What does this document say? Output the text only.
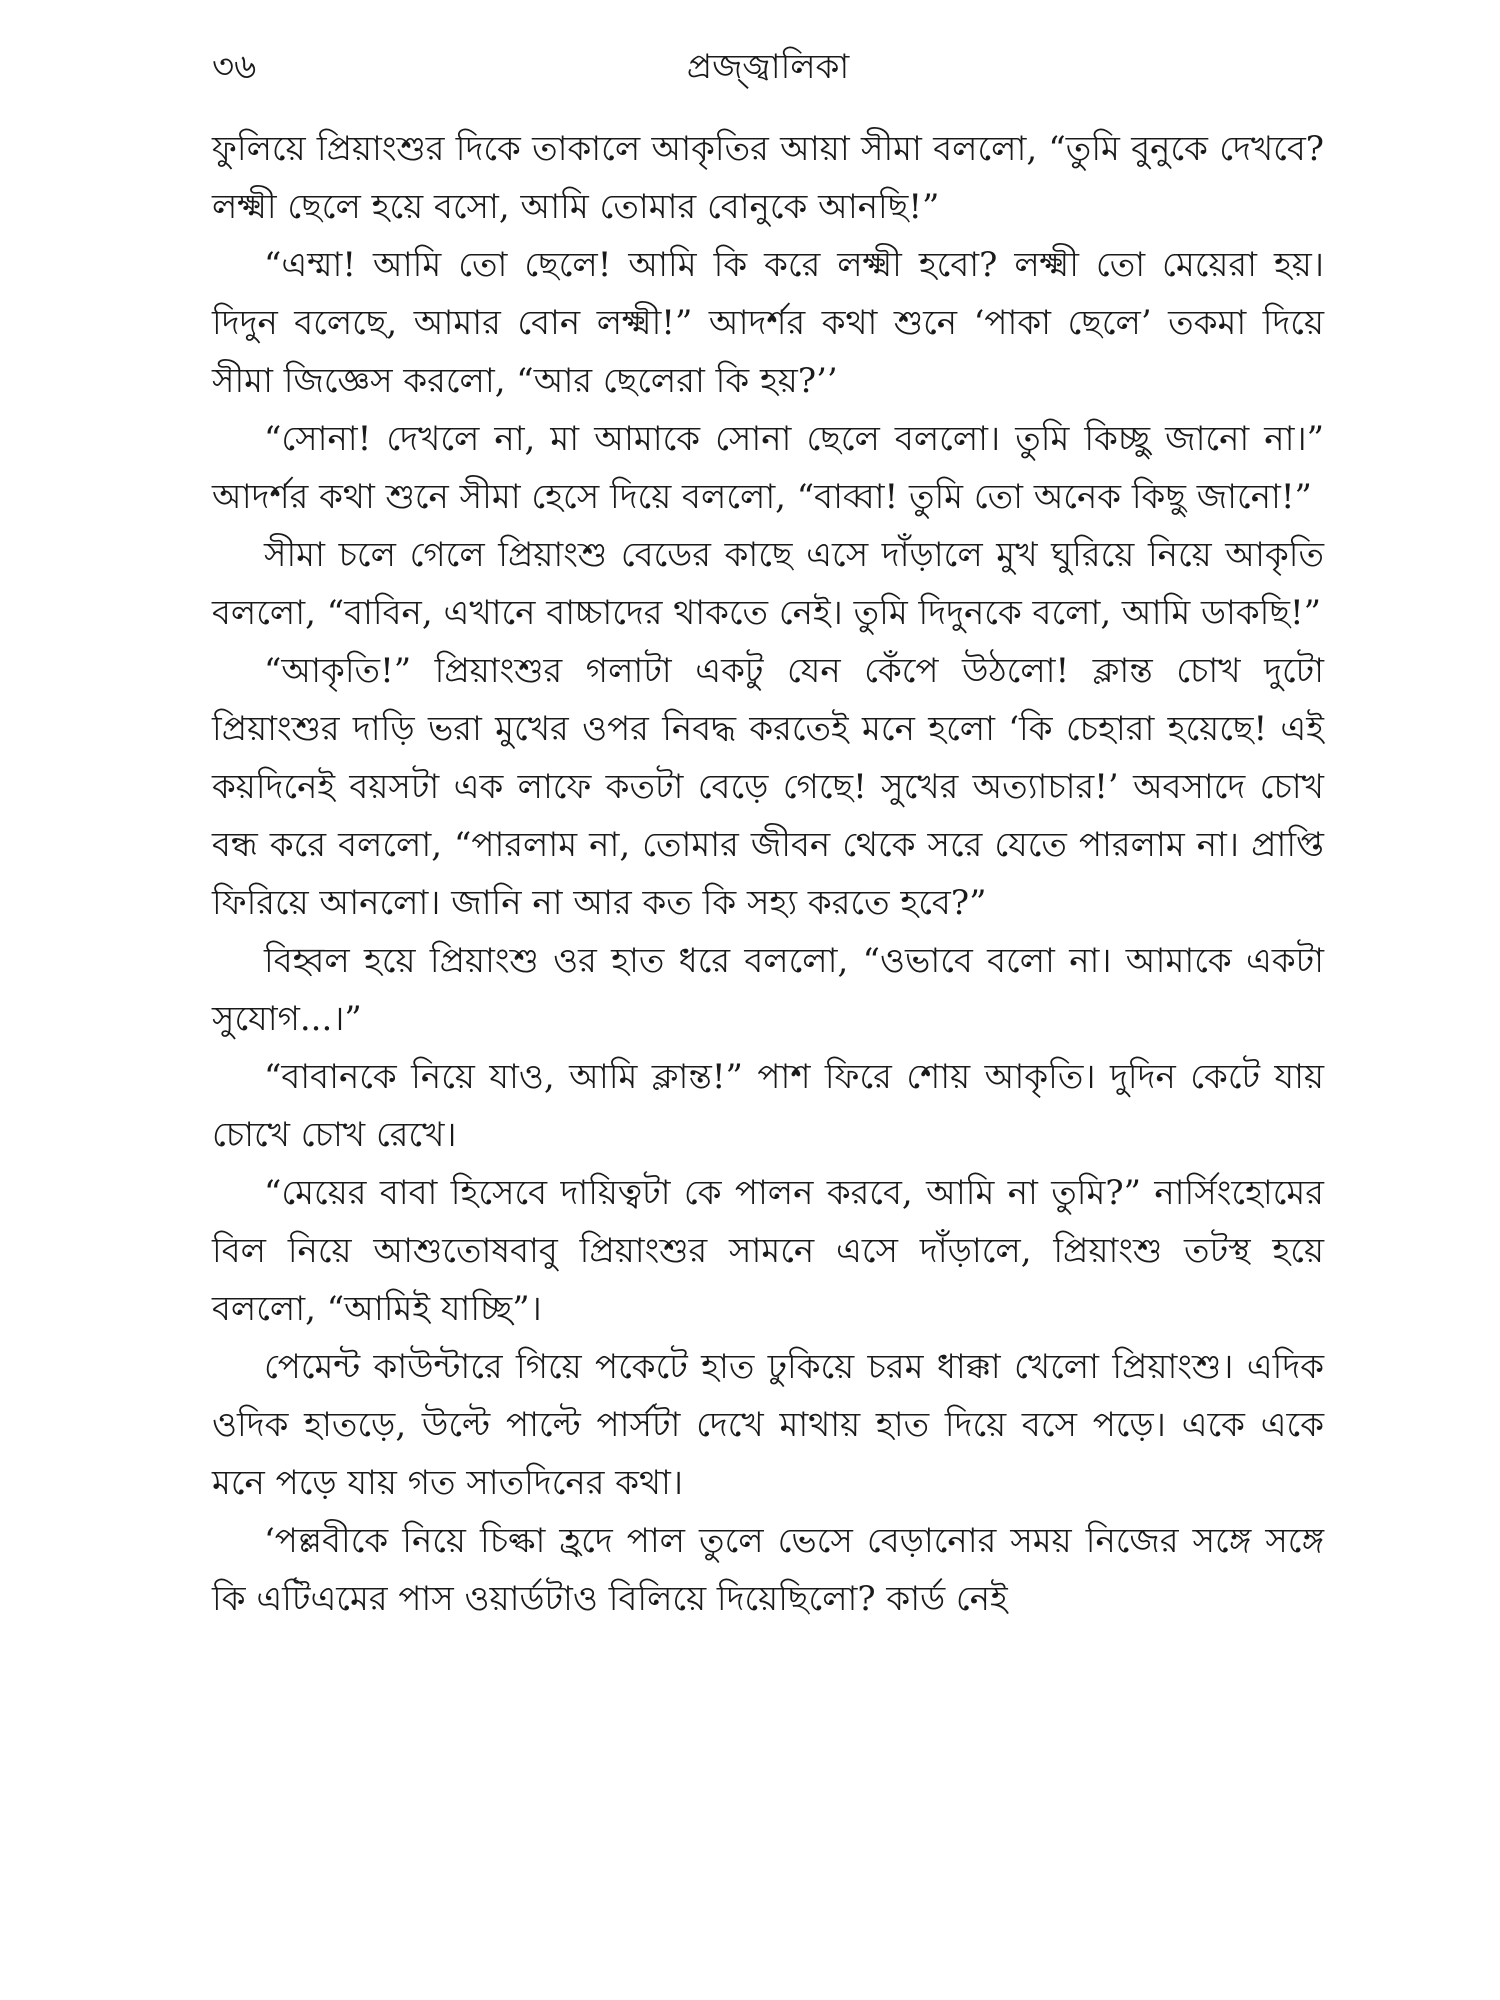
৩৬	প্রজ্জ্বালিকা

ফুলিয়ে প্রিয়াংশুর দিকে তাকালে আকৃতির আয়া সীমা বললো, “তুমি বুনুকে দেখবে? লক্ষ্মী ছেলে হয়ে বসো, আমি তোমার বোনুকে আনছি!”

“এম্মা! আমি তো ছেলে! আমি কি করে লক্ষ্মী হবো? লক্ষ্মী তো মেয়েরা হয়। দিদুন বলেছে, আমার বোন লক্ষ্মী!” আদর্শর কথা শুনে ‘পাকা ছেলে’ তকমা দিয়ে সীমা জিজ্ঞেস করলো, “আর ছেলেরা কি হয়?’’

“সোনা! দেখলে না, মা আমাকে সোনা ছেলে বললো। তুমি কিচ্ছু জানো না।” আদর্শর কথা শুনে সীমা হেসে দিয়ে বললো, “বাব্বা! তুমি তো অনেক কিছু জানো!”

সীমা চলে গেলে প্রিয়াংশু বেডের কাছে এসে দাঁড়ালে মুখ ঘুরিয়ে নিয়ে আকৃতি বললো, “বাবিন, এখানে বাচ্চাদের থাকতে নেই। তুমি দিদুনকে বলো, আমি ডাকছি!”

“আকৃতি!” প্রিয়াংশুর গলাটা একটু যেন কেঁপে উঠলো! ক্লান্ত চোখ দুটো প্রিয়াংশুর দাড়ি ভরা মুখের ওপর নিবদ্ধ করতেই মনে হলো ‘কি চেহারা হয়েছে! এই কয়দিনেই বয়সটা এক লাফে কতটা বেড়ে গেছে! সুখের অত্যাচার!’ অবসাদে চোখ বন্ধ করে বললো, “পারলাম না, তোমার জীবন থেকে সরে যেতে পারলাম না। প্রাপ্তি ফিরিয়ে আনলো। জানি না আর কত কি সহ্য করতে হবে?”

বিহ্বল হয়ে প্রিয়াংশু ওর হাত ধরে বললো, “ওভাবে বলো না। আমাকে একটা সুযোগ...।”

“বাবানকে নিয়ে যাও, আমি ক্লান্ত!” পাশ ফিরে শোয় আকৃতি। দুদিন কেটে যায় চোখে চোখ রেখে।

“মেয়ের বাবা হিসেবে দায়িত্বটা কে পালন করবে, আমি না তুমি?” নার্সিংহোমের বিল নিয়ে আশুতোষবাবু প্রিয়াংশুর সামনে এসে দাঁড়ালে, প্রিয়াংশু তটস্থ হয়ে বললো, “আমিই যাচ্ছি”।

পেমেন্ট কাউন্টারে গিয়ে পকেটে হাত ঢুকিয়ে চরম ধাক্কা খেলো প্রিয়াংশু। এদিক ওদিক হাতড়ে, উল্টে পাল্টে পার্সটা দেখে মাথায় হাত দিয়ে বসে পড়ে। একে একে মনে পড়ে যায় গত সাতদিনের কথা।

‘পল্লবীকে নিয়ে চিল্কা হ্রদে পাল তুলে ভেসে বেড়ানোর সময় নিজের সঙ্গে সঙ্গে কি এটিএমের পাস ওয়ার্ডটাও বিলিয়ে দিয়েছিলো? কার্ড নেই
